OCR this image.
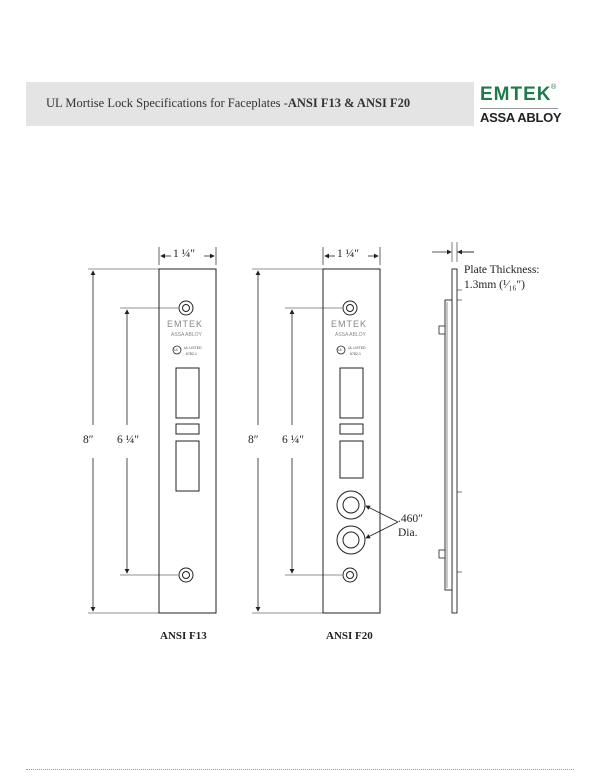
UL Mortise Lock Specifications for Faceplates -ANSI F13 & ANSI F20	EMTEK ®
ASSA ABLOY
1 ¼″
8″ 6 ¼″
1 ¼″
8″ 6 ¼″
.460″
Dia.
Plate Thickness:
1.3mm (¹⁄₁₆″)
EMTEK
ASSA ABLOY
UL UL LISTED
6782-1
EMTEK
ASSA ABLOY
UL UL LISTED
6782-1
ANSI F13	ANSI F20
